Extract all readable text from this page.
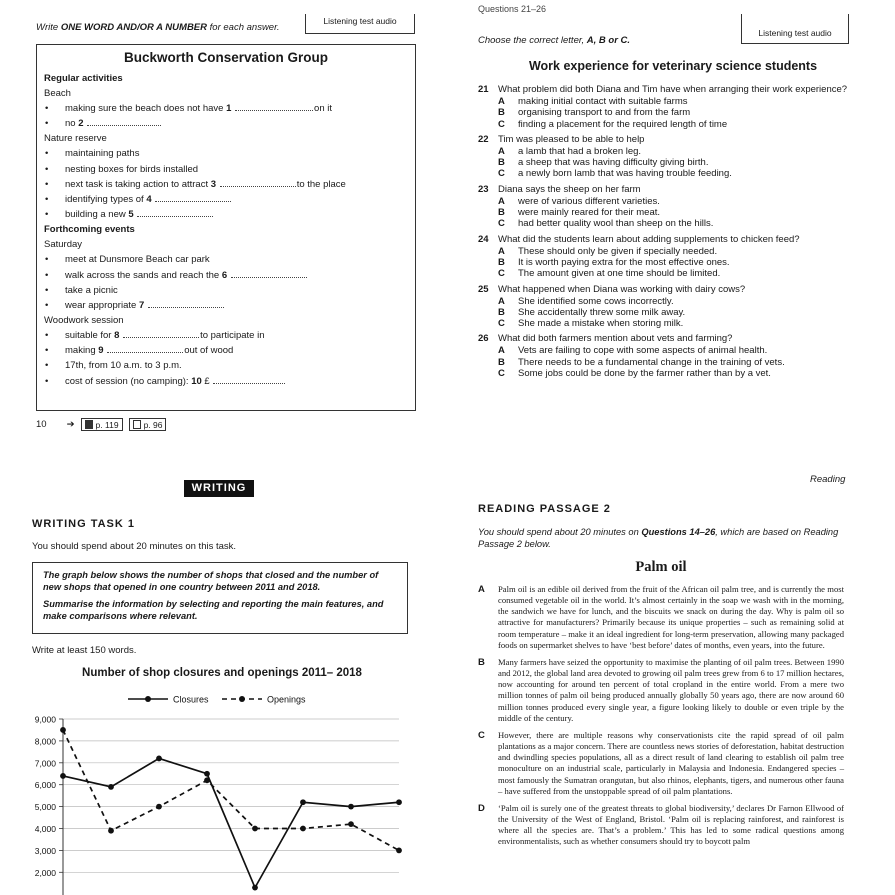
Write ONE WORD AND/OR A NUMBER for each answer.
Listening test audio
Buckworth Conservation Group
Regular activities
Beach
• making sure the beach does not have 1	on it
• no 2
Nature reserve
• maintaining paths
• nesting boxes for birds installed
• next task is taking action to attract 3	to the place
• identifying types of 4
• building a new 5
Forthcoming events
Saturday
• meet at Dunsmore Beach car park
• walk across the sands and reach the 6
• take a picnic
• wear appropriate 7
Woodwork session
• suitable for 8	to participate in
• making 9	out of wood
• 17th, from 10 a.m. to 3 p.m.
• cost of session (no camping): 10 £
10 ➔ p. 119	p. 96
Questions 21–26
Listening test audio
Choose the correct letter, A, B or C.
Work experience for veterinary science students
21 What problem did both Diana and Tim have when arranging their work experience?
A	making initial contact with suitable farms
B	organising transport to and from the farm
C	finding a placement for the required length of time
22 Tim was pleased to be able to help
A	a lamb that had a broken leg.
B	a sheep that was having difficulty giving birth.
C	a newly born lamb that was having trouble feeding.
23 Diana says the sheep on her farm
A	were of various different varieties.
B	were mainly reared for their meat.
C	had better quality wool than sheep on the hills.
24 What did the students learn about adding supplements to chicken feed?
A	These should only be given if specially needed.
B	It is worth paying extra for the most effective ones.
C	The amount given at one time should be limited.
25 What happened when Diana was working with dairy cows?
A	She identified some cows incorrectly.
B	She accidentally threw some milk away.
C	She made a mistake when storing milk.
26 What did both farmers mention about vets and farming?
A	Vets are failing to cope with some aspects of animal health.
B	There needs to be a fundamental change in the training of vets.
C	Some jobs could be done by the farmer rather than by a vet.
WRITING
WRITING TASK 1
You should spend about 20 minutes on this task.

The graph below shows the number of shops that closed and the number of new shops that opened in one country between 2011 and 2018.

Summarise the information by selecting and reporting the main features, and make comparisons where relevant.

Write at least 150 words.
Number of shop closures and openings 2011– 2018
Closures	Openings
9,000
8,000
7,000
6,000
5,000
4,000
3,000
2,000
Reading
READING PASSAGE 2
You should spend about 20 minutes on Questions 14–26, which are based on Reading Passage 2 below.
Palm oil
A	Palm oil is an edible oil derived from the fruit of the African oil palm tree, and is currently the most consumed vegetable oil in the world. It’s almost certainly in the soap we wash with in the morning, the sandwich we have for lunch, and the biscuits we snack on during the day. Why is palm oil so attractive for manufacturers? Primarily because its unique properties – such as remaining solid at room temperature – make it an ideal ingredient for long-term preservation, allowing many packaged foods on supermarket shelves to have ‘best before’ dates of months, even years, into the future.
B	Many farmers have seized the opportunity to maximise the planting of oil palm trees. Between 1990 and 2012, the global land area devoted to growing oil palm trees grew from 6 to 17 million hectares, now accounting for around ten percent of total cropland in the entire world. From a mere two million tonnes of palm oil being produced annually globally 50 years ago, there are now around 60 million tonnes produced every single year, a figure looking likely to double or even triple by the middle of the century.
C	However, there are multiple reasons why conservationists cite the rapid spread of oil palm plantations as a major concern. There are countless news stories of deforestation, habitat destruction and dwindling species populations, all as a direct result of land clearing to establish oil palm tree monoculture on an industrial scale, particularly in Malaysia and Indonesia. Endangered species – most famously the Sumatran orangutan, but also rhinos, elephants, tigers, and numerous other fauna – have suffered from the unstoppable spread of oil palm plantations.
D	‘Palm oil is surely one of the greatest threats to global biodiversity,’ declares Dr Farnon Ellwood of the University of the West of England, Bristol. ‘Palm oil is replacing rainforest, and rainforest is where all the species are. That’s a problem.’ This has led to some radical questions among environmentalists, such as whether consumers should try to boycott palm
